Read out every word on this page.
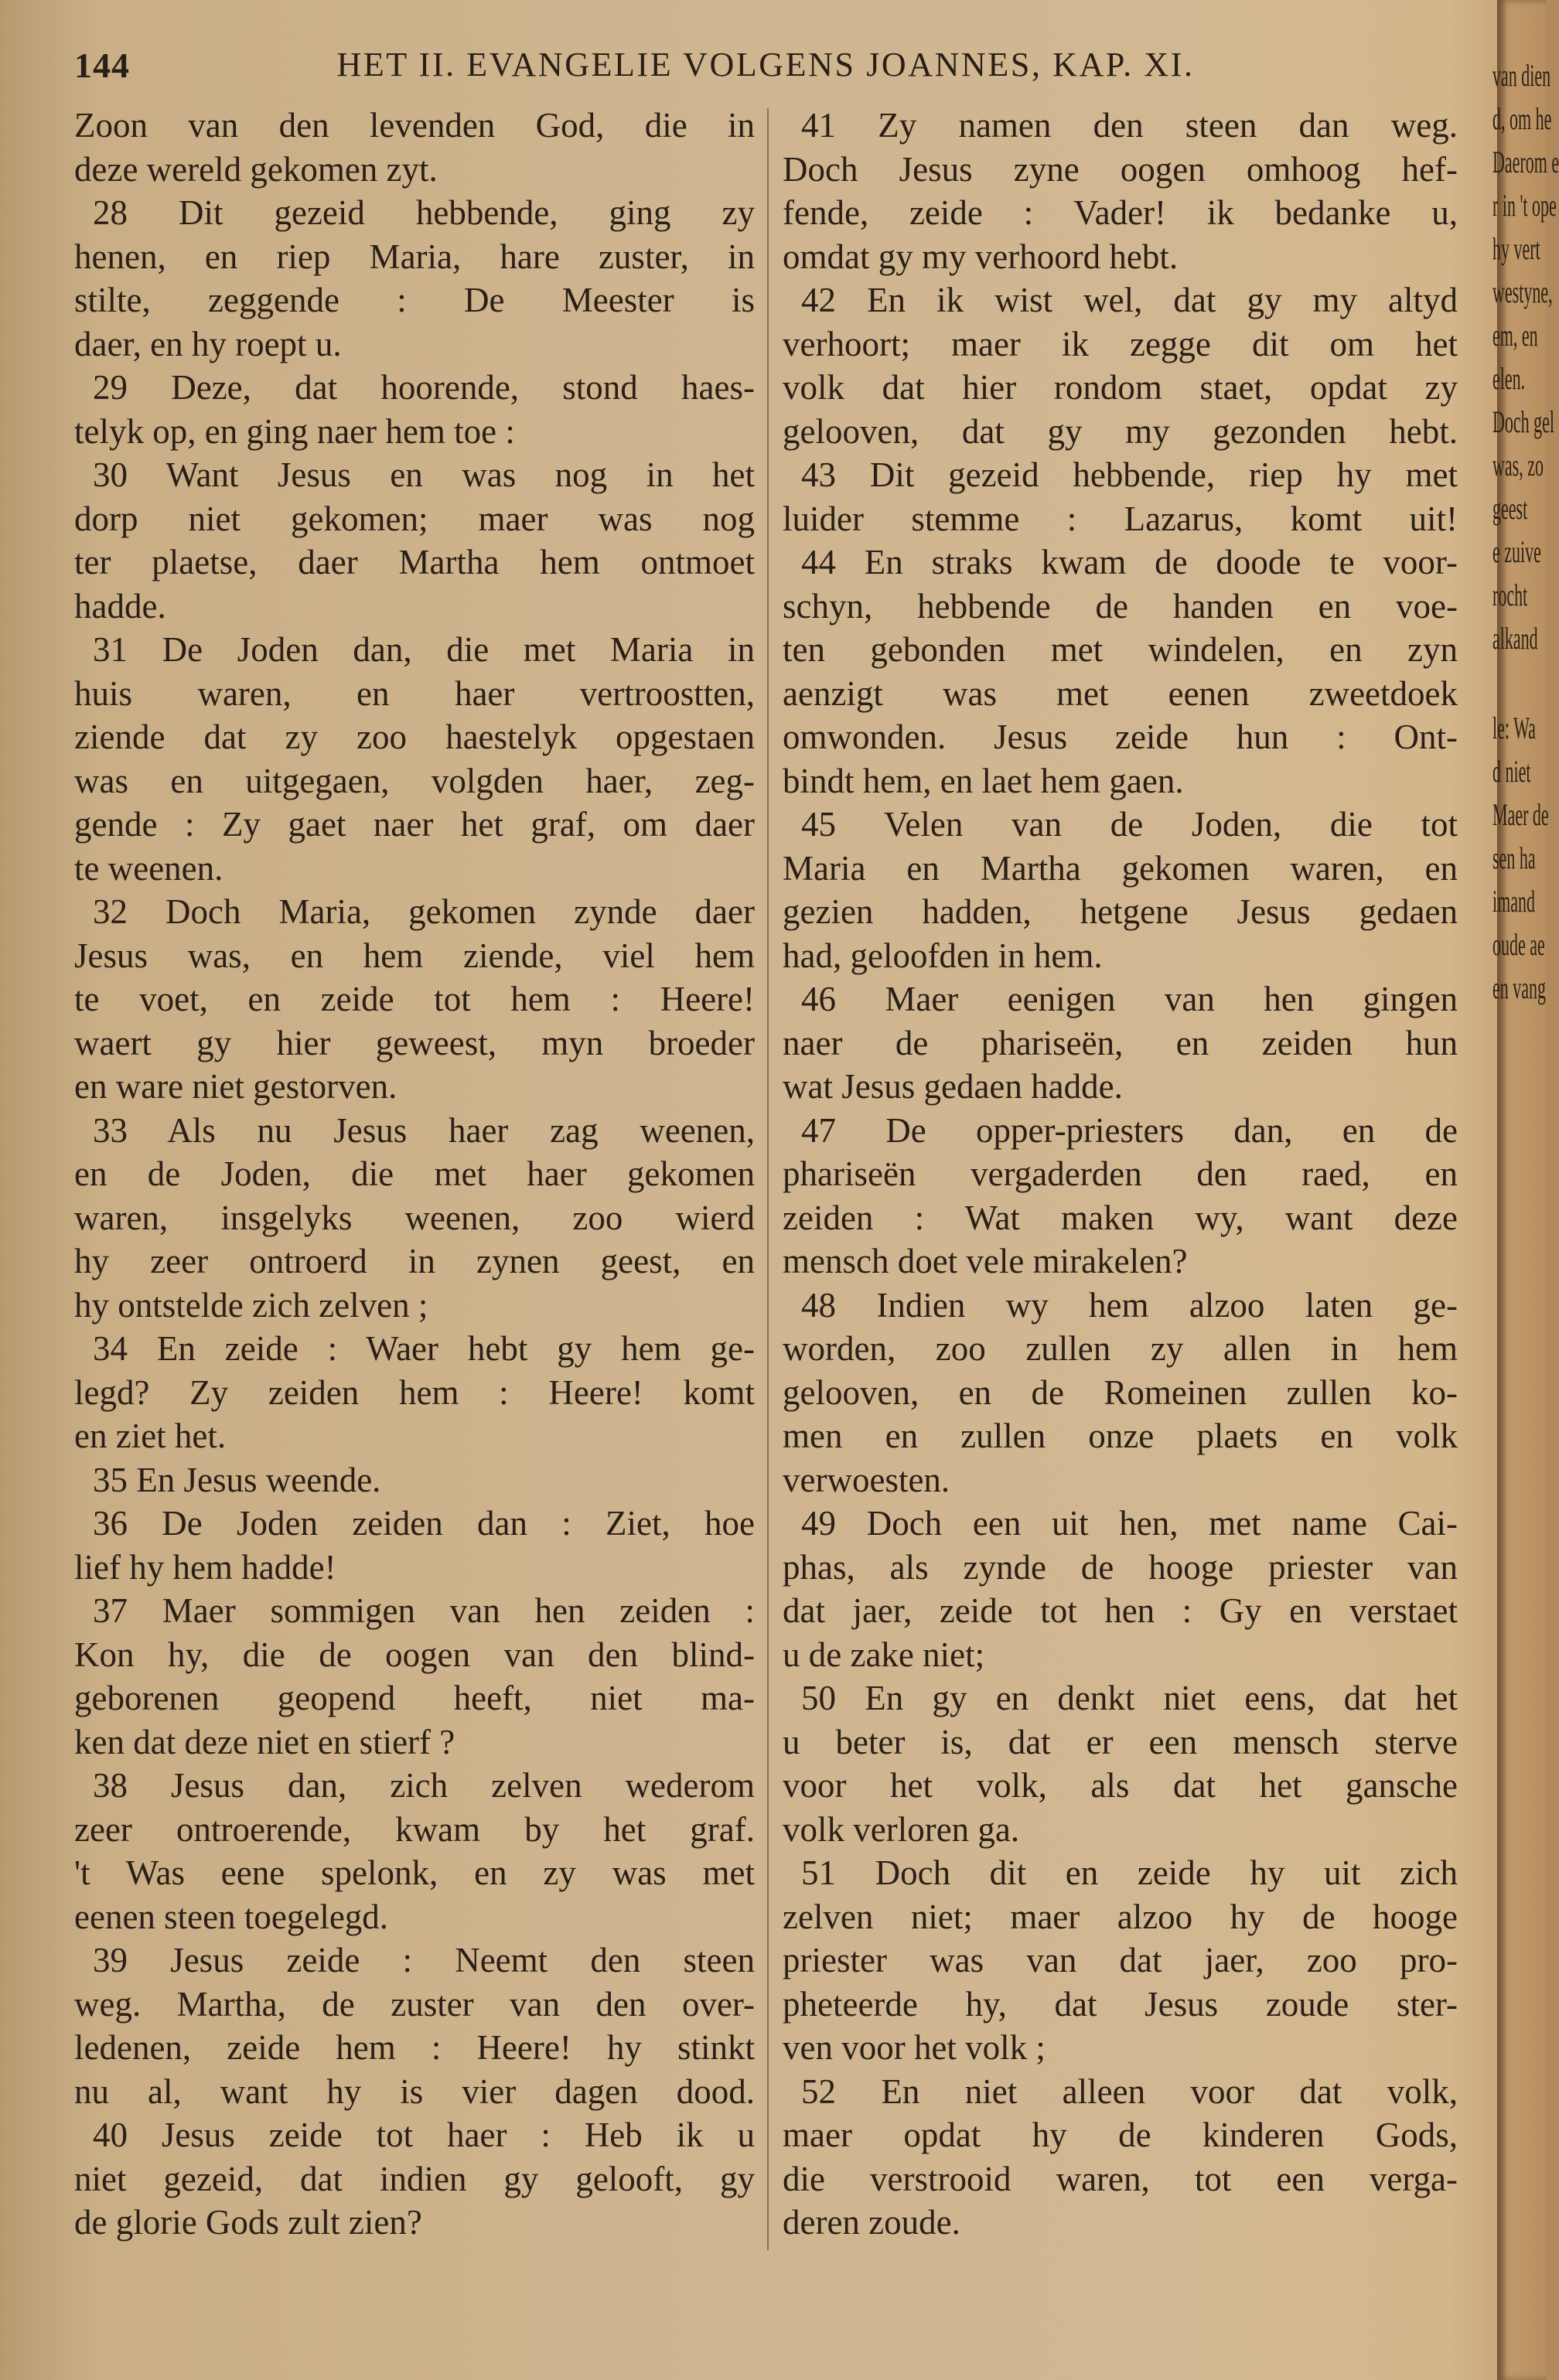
144	HET II. EVANGELIE VOLGENS JOANNES, KAP. XI.
Zoon van den levenden God, die in
deze wereld gekomen zyt.
28 Dit gezeid hebbende, ging zy
henen, en riep Maria, hare zuster, in
stilte, zeggende : De Meester is
daer, en hy roept u.
29 Deze, dat hoorende, stond haes-
telyk op, en ging naer hem toe :
30 Want Jesus en was nog in het
dorp niet gekomen; maer was nog
ter plaetse, daer Martha hem ontmoet
hadde.
31 De Joden dan, die met Maria in
huis waren, en haer vertroostten,
ziende dat zy zoo haestelyk opgestaen
was en uitgegaen, volgden haer, zeg-
gende : Zy gaet naer het graf, om daer
te weenen.
32 Doch Maria, gekomen zynde daer
Jesus was, en hem ziende, viel hem
te voet, en zeide tot hem : Heere!
waert gy hier geweest, myn broeder
en ware niet gestorven.
33 Als nu Jesus haer zag weenen,
en de Joden, die met haer gekomen
waren, insgelyks weenen, zoo wierd
hy zeer ontroerd in zynen geest, en
hy ontstelde zich zelven ;
34 En zeide : Waer hebt gy hem ge-
legd? Zy zeiden hem : Heere! komt
en ziet het.
35 En Jesus weende.
36 De Joden zeiden dan : Ziet, hoe
lief hy hem hadde!
37 Maer sommigen van hen zeiden :
Kon hy, die de oogen van den blind-
geborenen geopend heeft, niet ma-
ken dat deze niet en stierf ?
38 Jesus dan, zich zelven wederom
zeer ontroerende, kwam by het graf.
't Was eene spelonk, en zy was met
eenen steen toegelegd.
39 Jesus zeide : Neemt den steen
weg. Martha, de zuster van den over-
ledenen, zeide hem : Heere! hy stinkt
nu al, want hy is vier dagen dood.
40 Jesus zeide tot haer : Heb ik u
niet gezeid, dat indien gy gelooft, gy
de glorie Gods zult zien?
41 Zy namen den steen dan weg.
Doch Jesus zyne oogen omhoog hef-
fende, zeide : Vader! ik bedanke u,
omdat gy my verhoord hebt.
42 En ik wist wel, dat gy my altyd
verhoort; maer ik zegge dit om het
volk dat hier rondom staet, opdat zy
gelooven, dat gy my gezonden hebt.
43 Dit gezeid hebbende, riep hy met
luider stemme : Lazarus, komt uit!
44 En straks kwam de doode te voor-
schyn, hebbende de handen en voe-
ten gebonden met windelen, en zyn
aenzigt was met eenen zweetdoek
omwonden. Jesus zeide hun : Ont-
bindt hem, en laet hem gaen.
45 Velen van de Joden, die tot
Maria en Martha gekomen waren, en
gezien hadden, hetgene Jesus gedaen
had, geloofden in hem.
46 Maer eenigen van hen gingen
naer de phariseën, en zeiden hun
wat Jesus gedaen hadde.
47 De opper-priesters dan, en de
phariseën vergaderden den raed, en
zeiden : Wat maken wy, want deze
mensch doet vele mirakelen?
48 Indien wy hem alzoo laten ge-
worden, zoo zullen zy allen in hem
gelooven, en de Romeinen zullen ko-
men en zullen onze plaets en volk
verwoesten.
49 Doch een uit hen, met name Cai-
phas, als zynde de hooge priester van
dat jaer, zeide tot hen : Gy en verstaet
u de zake niet;
50 En gy en denkt niet eens, dat het
u beter is, dat er een mensch sterve
voor het volk, als dat het gansche
volk verloren ga.
51 Doch dit en zeide hy uit zich
zelven niet; maer alzoo hy de hooge
priester was van dat jaer, zoo pro-
pheteerde hy, dat Jesus zoude ster-
ven voor het volk ;
52 En niet alleen voor dat volk,
maer opdat hy de kinderen Gods,
die verstrooid waren, tot een verga-
deren zoude.
van dien
d, om he
Daerom e
r in 't ope
hy vert
westyne,
em, en
elen.
Doch gel
was, zo
geest
e zuive
rocht
alkand
le: Wa
d niet
Maer de
sen ha
imand
oude ae
en vang
